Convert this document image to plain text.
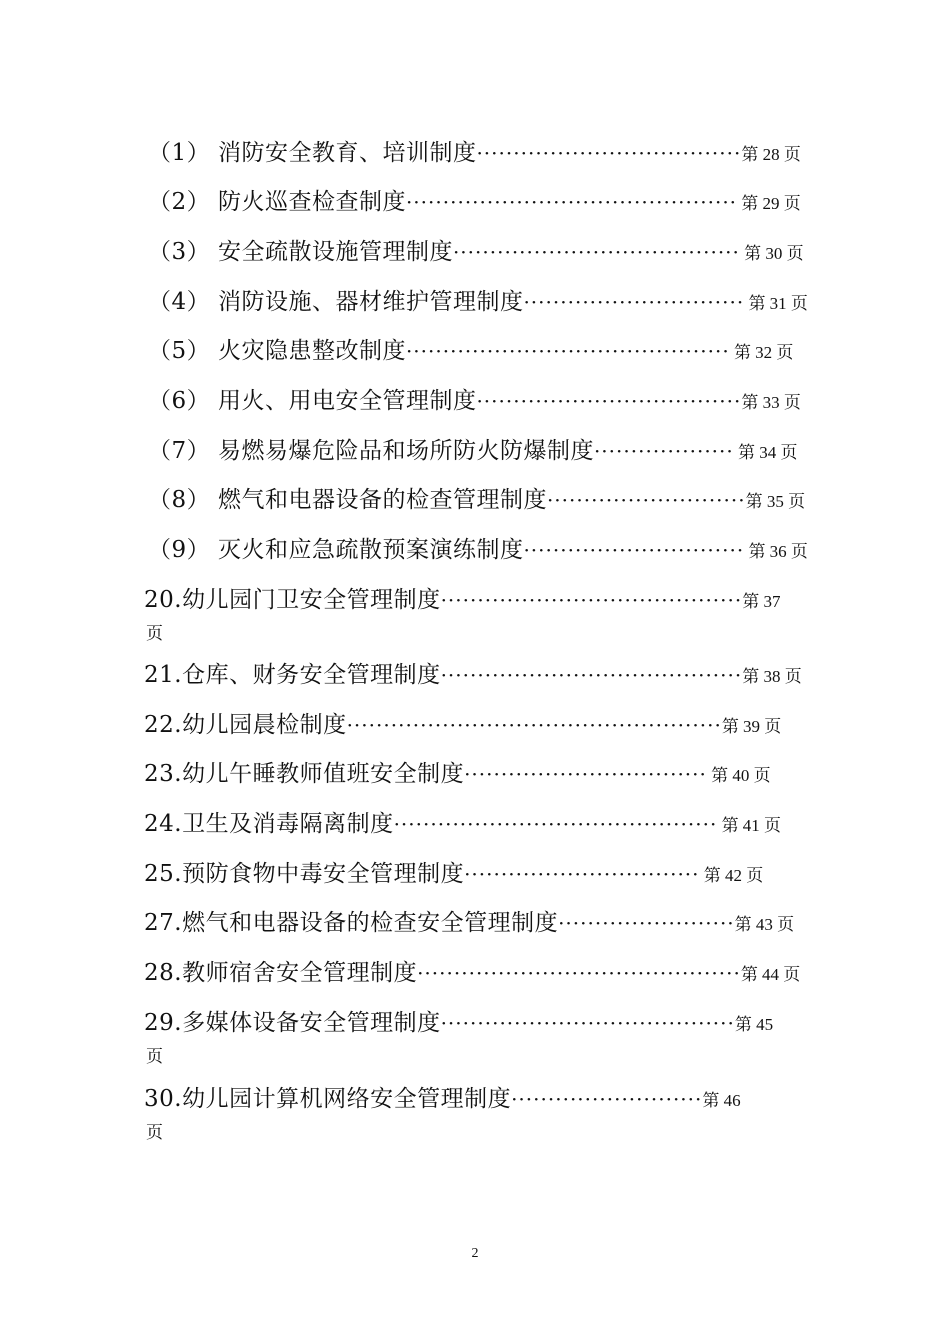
（1） 消防安全教育、培训制度····································第 28 页
（2） 防火巡查检查制度············································· 第 29 页
（3） 安全疏散设施管理制度······································· 第 30 页
（4） 消防设施、器材维护管理制度······························ 第 31 页
（5） 火灾隐患整改制度············································ 第 32 页
（6） 用火、用电安全管理制度····································第 33 页
（7） 易燃易爆危险品和场所防火防爆制度··················· 第 34 页
（8） 燃气和电器设备的检查管理制度···························第 35 页
（9） 灭火和应急疏散预案演练制度······························ 第 36 页
20.幼儿园门卫安全管理制度·········································第 37
页
21.仓库、财务安全管理制度·········································第 38 页
22.幼儿园晨检制度···················································第 39 页
23.幼儿午睡教师值班安全制度································· 第 40 页
24.卫生及消毒隔离制度············································ 第 41 页
25.预防食物中毒安全管理制度································ 第 42 页
27.燃气和电器设备的检查安全管理制度························第 43 页
28.教师宿舍安全管理制度············································第 44 页
29.多媒体设备安全管理制度········································第 45
页
30.幼儿园计算机网络安全管理制度··························第 46
页
2
